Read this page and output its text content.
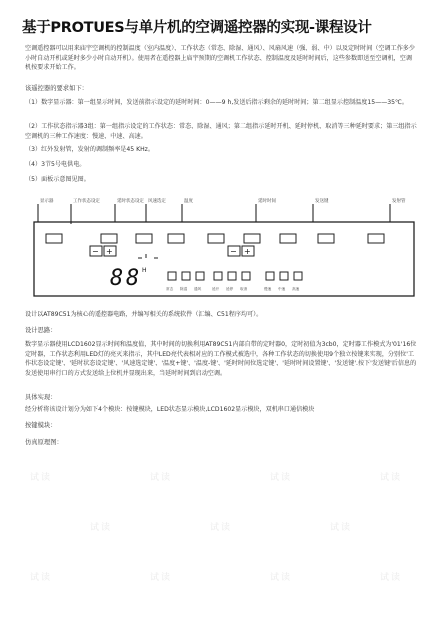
基于PROTUES与单片机的空调遥控器的实现-课程设计
空调遥控器可以用来庙宇空调机的控制温度（室内温度）、工作状态（常态、除湿、通风）、风扇风速（强、弱、中）以及定时时间（空调工作多少小时自动开机或延时多少小时自动开机）。使用者在遥控器上庙宇预期的空调机工作状态、控制温度及延时时间后，这些参数即送至空调机，空调机按要求开始工作。
该遥控器的要求如下：
（1）数字显示器：第一组显示时间，发送前指示设定的延时时间：0——9 h,发送后指示剩余的延时时间；第二组显示控制温度15——35℃。
（2）工作状态指示器3组：第一组指示设定的工作状态：常态、除湿、通风；第二组指示延时开机、延时停机、取消等三种延时要求；第三组指示空调机的三种工作速度：慢速、中速、高速。
（3）红外发射管，发射的调制频率是45 KHz。
（4）3节5号电供电。
（5）面板示意图见图。
8 8 H
− +	− +
显示器	工作状态设定	延时状态设定 风速选定	温度	延时时间	发送键	发射管
常态 除湿 通风	延开 延停 取消	慢速 中速 高速
设计以AT89C51为核心的遥控器电路，并编写相关的系统软件（汇编、C51程序均可）。
设计思路：
数字显示器使用LCD1602显示时间和温度值，其中时间的切换利用AT89C51内部自带的定时器0，定时初值为3cb0，定时器工作模式为'01'16位定时器，工作状态利用LED灯的亮灭来指示，其中LED亮代表相对应的工作模式被选中，各种工作状态的切换使用9个独立按键来实现，分别位'工作状态设定键'、'延时状态设定键'、'风速选定键'、'温度+键'、'温度-键'、'延时时间位选定键'、'延时时间设置键'、'发送键'.按下'发送键'后信息的发送使用串行口的方式发送给上位机并显现出来，当延时时间到启动空调。
具体实现：
经分析将该设计划分为如下4个模块：按键模块，LED状态显示模块,LCD1602显示模块，双机串口通信模块
按键模块：
仿真原理图：
试读	试读	试读	试读
试读	试读	试读
试读	试读	试读	试读
